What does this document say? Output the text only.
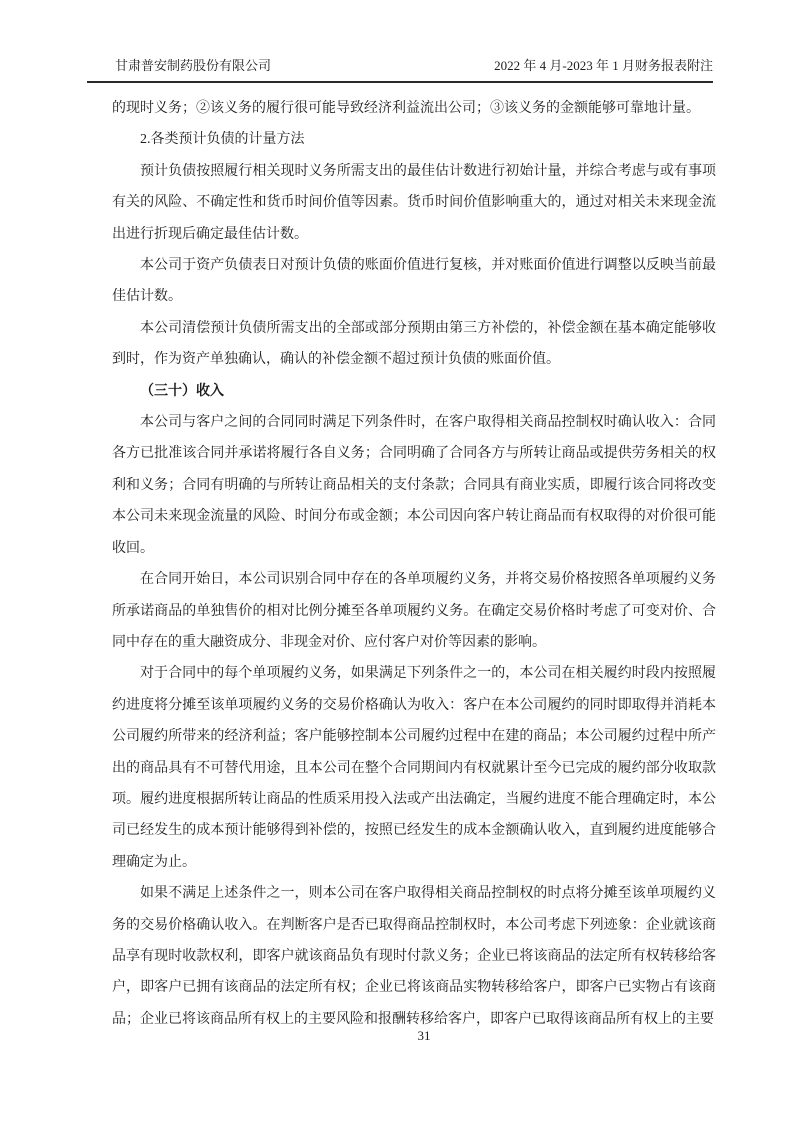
甘肃普安制药股份有限公司	2022 年 4 月-2023 年 1 月财务报表附注

的现时义务；②该义务的履行很可能导致经济利益流出公司；③该义务的金额能够可靠地计量。

2.各类预计负债的计量方法

预计负债按照履行相关现时义务所需支出的最佳估计数进行初始计量，并综合考虑与或有事项有关的风险、不确定性和货币时间价值等因素。货币时间价值影响重大的，通过对相关未来现金流出进行折现后确定最佳估计数。

本公司于资产负债表日对预计负债的账面价值进行复核，并对账面价值进行调整以反映当前最佳估计数。

本公司清偿预计负债所需支出的全部或部分预期由第三方补偿的，补偿金额在基本确定能够收到时，作为资产单独确认，确认的补偿金额不超过预计负债的账面价值。

（三十）收入

本公司与客户之间的合同同时满足下列条件时，在客户取得相关商品控制权时确认收入：合同各方已批准该合同并承诺将履行各自义务；合同明确了合同各方与所转让商品或提供劳务相关的权利和义务；合同有明确的与所转让商品相关的支付条款；合同具有商业实质，即履行该合同将改变本公司未来现金流量的风险、时间分布或金额；本公司因向客户转让商品而有权取得的对价很可能收回。

在合同开始日，本公司识别合同中存在的各单项履约义务，并将交易价格按照各单项履约义务所承诺商品的单独售价的相对比例分摊至各单项履约义务。在确定交易价格时考虑了可变对价、合同中存在的重大融资成分、非现金对价、应付客户对价等因素的影响。

对于合同中的每个单项履约义务，如果满足下列条件之一的，本公司在相关履约时段内按照履约进度将分摊至该单项履约义务的交易价格确认为收入：客户在本公司履约的同时即取得并消耗本公司履约所带来的经济利益；客户能够控制本公司履约过程中在建的商品；本公司履约过程中所产出的商品具有不可替代用途，且本公司在整个合同期间内有权就累计至今已完成的履约部分收取款项。履约进度根据所转让商品的性质采用投入法或产出法确定，当履约进度不能合理确定时，本公司已经发生的成本预计能够得到补偿的，按照已经发生的成本金额确认收入，直到履约进度能够合理确定为止。

如果不满足上述条件之一，则本公司在客户取得相关商品控制权的时点将分摊至该单项履约义务的交易价格确认收入。在判断客户是否已取得商品控制权时，本公司考虑下列迹象：企业就该商品享有现时收款权利，即客户就该商品负有现时付款义务；企业已将该商品的法定所有权转移给客户，即客户已拥有该商品的法定所有权；企业已将该商品实物转移给客户，即客户已实物占有该商品；企业已将该商品所有权上的主要风险和报酬转移给客户，即客户已取得该商品所有权上的主要

31
